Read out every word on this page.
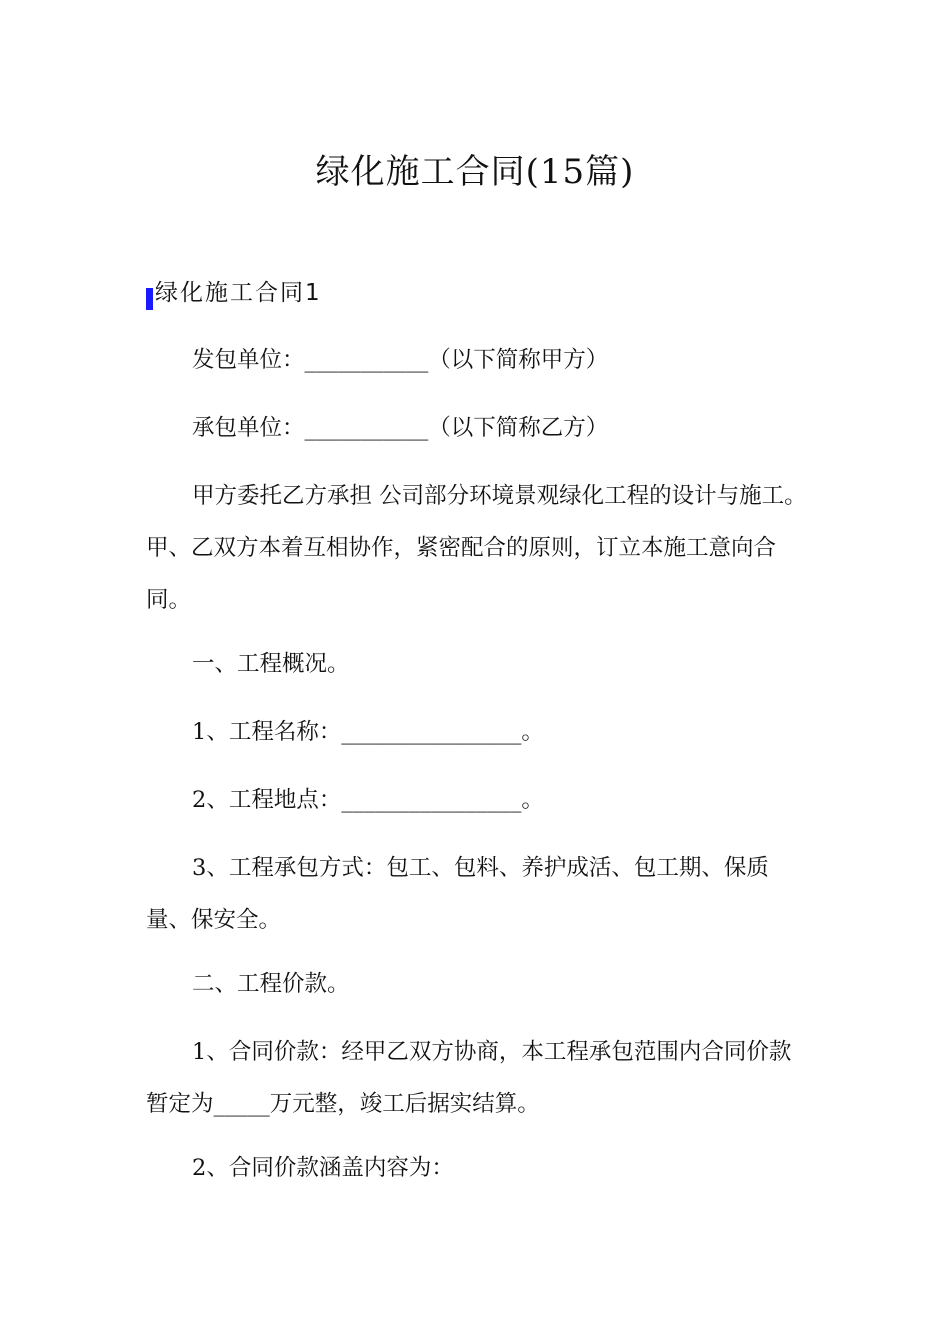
绿化施工合同(15篇)
绿化施工合同1
发包单位：___________（以下简称甲方）
承包单位：___________（以下简称乙方）
甲方委托乙方承担 公司部分环境景观绿化工程的设计与施工。甲、乙双方本着互相协作，紧密配合的原则，订立本施工意向合同。
一、工程概况。
1、工程名称：________________。
2、工程地点：________________。
3、工程承包方式：包工、包料、养护成活、包工期、保质量、保安全。
二、工程价款。
1、合同价款：经甲乙双方协商，本工程承包范围内合同价款暂定为_____万元整，竣工后据实结算。
2、合同价款涵盖内容为：
